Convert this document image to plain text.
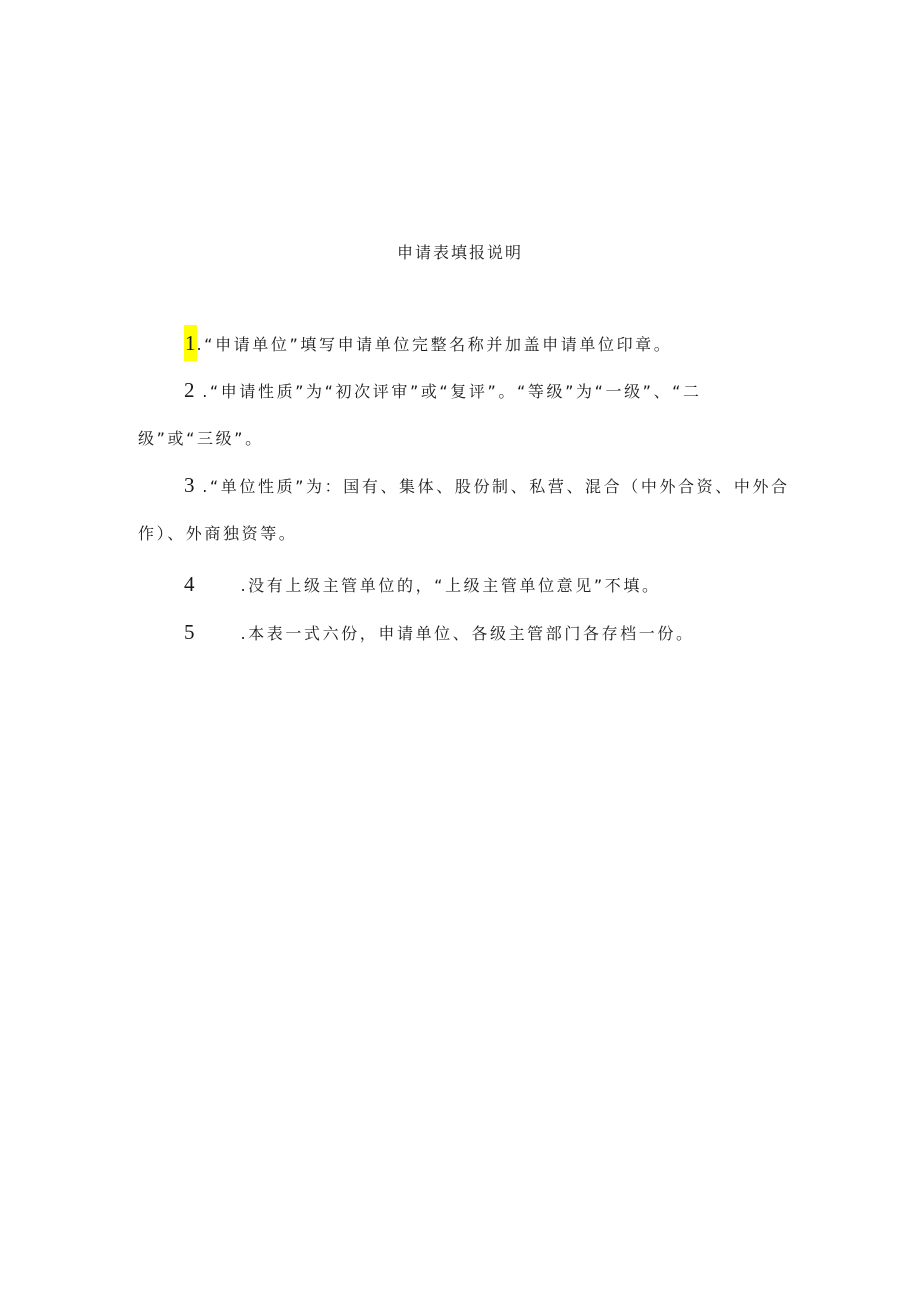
申请表填报说明
1.“申请单位”填写申请单位完整名称并加盖申请单位印章。
2 .“申请性质”为“初次评审”或“复评”。“等级”为“一级”、“二
级”或“三级”。
3 .“单位性质”为：国有、集体、股份制、私营、混合（中外合资、中外合
作）、外商独资等。
4	.没有上级主管单位的，“上级主管单位意见”不填。
5	.本表一式六份，申请单位、各级主管部门各存档一份。
